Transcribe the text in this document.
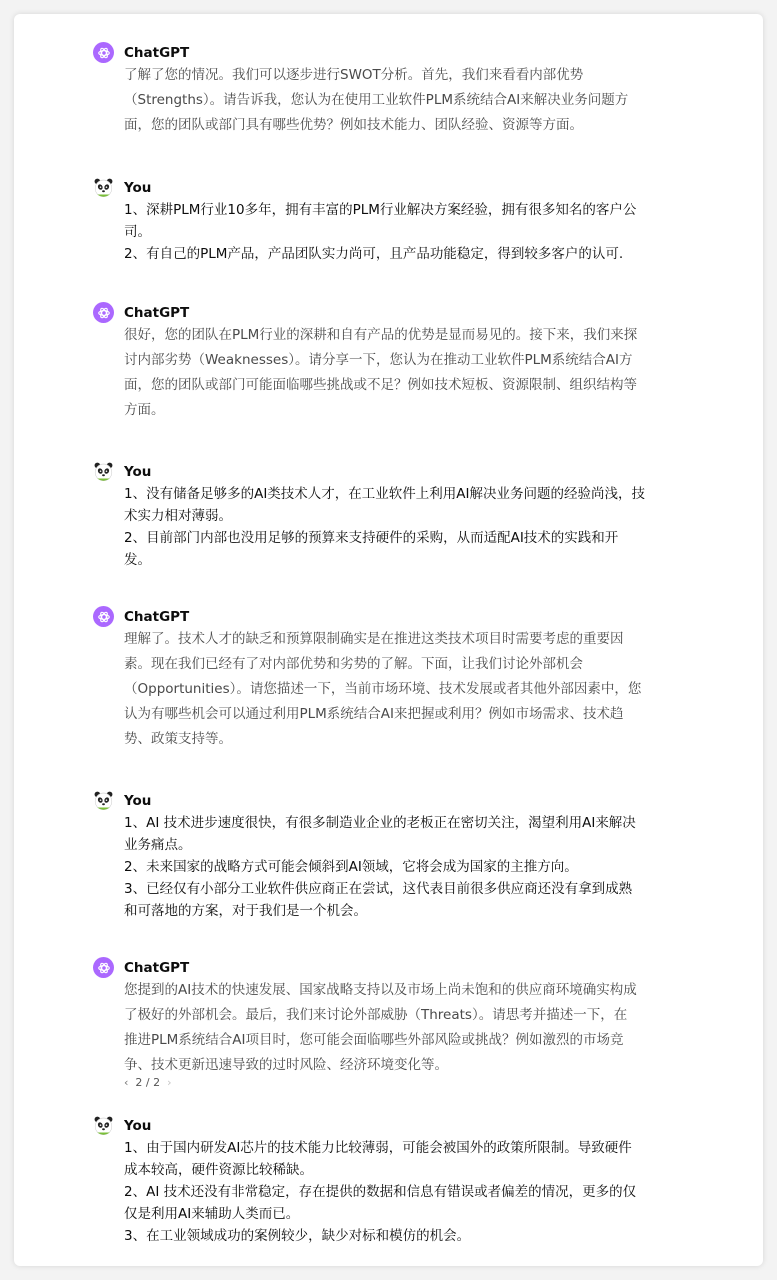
ChatGPT
了解了您的情况。我们可以逐步进行SWOT分析。首先，我们来看看内部优势
（Strengths）。请告诉我，您认为在使用工业软件PLM系统结合AI来解决业务问题方
面，您的团队或部门具有哪些优势？例如技术能力、团队经验、资源等方面。
You
1、深耕PLM行业10多年，拥有丰富的PLM行业解决方案经验，拥有很多知名的客户公
司。
2、有自己的PLM产品，产品团队实力尚可，且产品功能稳定，得到较多客户的认可.
ChatGPT
很好，您的团队在PLM行业的深耕和自有产品的优势是显而易见的。接下来，我们来探
讨内部劣势（Weaknesses）。请分享一下，您认为在推动工业软件PLM系统结合AI方
面，您的团队或部门可能面临哪些挑战或不足？例如技术短板、资源限制、组织结构等
方面。
You
1、没有储备足够多的AI类技术人才，在工业软件上利用AI解决业务问题的经验尚浅，技
术实力相对薄弱。
2、目前部门内部也没用足够的预算来支持硬件的采购，从而适配AI技术的实践和开
发。
ChatGPT
理解了。技术人才的缺乏和预算限制确实是在推进这类技术项目时需要考虑的重要因
素。现在我们已经有了对内部优势和劣势的了解。下面，让我们讨论外部机会
（Opportunities）。请您描述一下，当前市场环境、技术发展或者其他外部因素中，您
认为有哪些机会可以通过利用PLM系统结合AI来把握或利用？例如市场需求、技术趋
势、政策支持等。
You
1、AI 技术进步速度很快，有很多制造业企业的老板正在密切关注，渴望利用AI来解决
业务痛点。
2、未来国家的战略方式可能会倾斜到AI领域，它将会成为国家的主推方向。
3、已经仅有小部分工业软件供应商正在尝试，这代表目前很多供应商还没有拿到成熟
和可落地的方案，对于我们是一个机会。
ChatGPT
您提到的AI技术的快速发展、国家战略支持以及市场上尚未饱和的供应商环境确实构成
了极好的外部机会。最后，我们来讨论外部威胁（Threats）。请思考并描述一下，在
推进PLM系统结合AI项目时，您可能会面临哪些外部风险或挑战？例如激烈的市场竞
争、技术更新迅速导致的过时风险、经济环境变化等。
‹ 2 / 2 ›
You
1、由于国内研发AI芯片的技术能力比较薄弱，可能会被国外的政策所限制。导致硬件
成本较高，硬件资源比较稀缺。
2、AI 技术还没有非常稳定，存在提供的数据和信息有错误或者偏差的情况，更多的仅
仅是利用AI来辅助人类而已。
3、在工业领域成功的案例较少，缺少对标和模仿的机会。
